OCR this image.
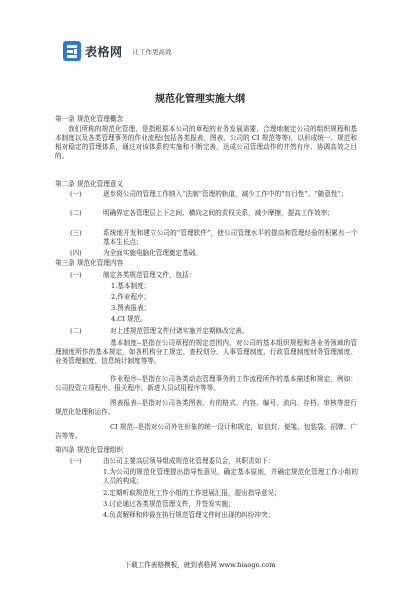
表格网 让工作更高效
规范化管理实施大纲
第一条 规范化管理概念
我们所称的规范化管理，是指根据本公司的章程的业务发展需要，合理地制定公司的组织规程和基本制度以及各类管理事务的作业流程(包括各类报表、图表、公司的 CI 规范等等)，以形成统一、规范和相对稳定的管理体系，通过对该体系的实施和不断完善，达成公司管理动作的井然有序、协调高效之目的。
第二条 规范化管理意义
(一)	逐步将公司的管理工作纳入“法制”管理的轨道，减少工作中的“盲目性”、“随意性”；
(二)	明确界定各管理层上下之间、横向之间的责权关系，减少摩擦，提高工作效率；
(三)	系统地开发和建立公司的“管理软件”，使公司管理水平的提高和管理经验的积累有一个基本生长点；
(四)	为全面实施电脑化管理奠定基础。
第三条 规范化管理内容
(一)	制定各类规范管理文件，包括：
1.基本制度；
2.作业程序；
3.图表报表；
4.CI 规范。
(二)	对上述规范管理文件付诸实施并定期修改完善。
基本制度--是指在公司章程的规定范围内，对公司的基本组织规程和各业务领域的管理制度所作的基本规定，如各机构分工规定、查权划分、人事管理制度、行政管理制度财务管理制度、业务管理制度、信息统计制度等等。
作业程序--是指在公司各类动态管理事务的工作流程所作的基本描述和规定，例如：公司投资立项程序、报关程序、新进人员试用程序等等。
图表报表--是指对公司各类图表、有的格式、内容、编号、流向、存档、审核等进行规范化处理和运作。
CI 规范--是指对公司外在形象的统一设计和规定，如信封、便笺、包装袋、招牌、广告等等。
第四条 规范化管理组织
(一)	由公司主要高层领导组成规范化管理委员会，其职责如下：
1.为公司的规范化管理提出指导性意见，确定基本原则，并确定规范化管理工作小组的人员的构成；
2.定期听取规范化工作小组的工作进展汇报，提出指导意见；
3.讨论通过各类规范管理文件，并签发实施；
4.负责解释和仲裁在执行规范管理文件时出现的纠纷冲突；
下载工作表格模板，就到表格网 www.biaoge.com
